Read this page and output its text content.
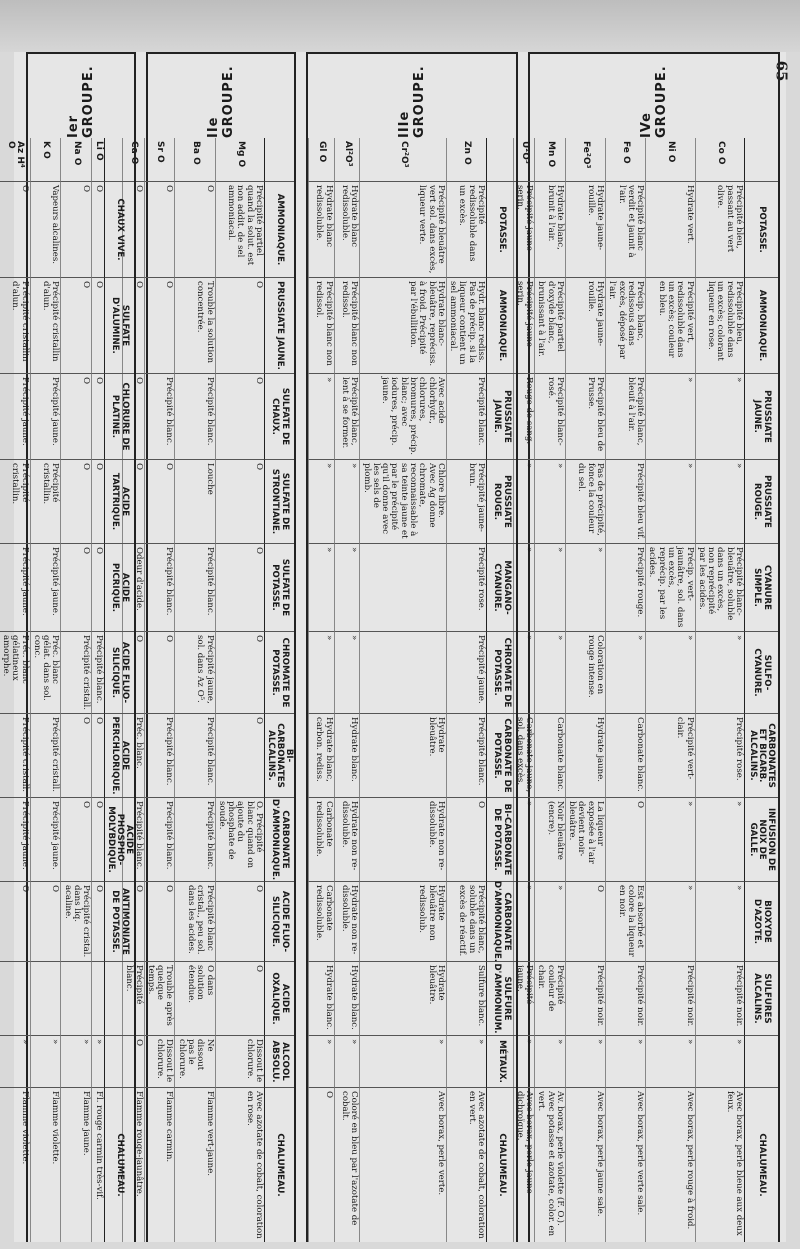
65
IVe GROUPE.
POTASSE.
AMMONIAQUE.
PRUSSIATE JAUNE.
PRUSSIATE ROUGE.
CYANURE SIMPLE.
SULFO-CYANURE.
CARBONATES ET BICARB. ALCALINS.
INFUSION DE NOIX DE GALLE.
BIOXYDE D'AZOTE.
SULFURES ALCALINS.
CHALUMEAU.
Co O
Précipité bleu, passant au vert olive.
Précipité bleu, redissoluble dans un excès; colorant liqueur en rose.
»
»
Précipité blanc-bleuâtre, soluble dans un excès, non reprécipité par les acides.
»
Précipité rose.
»
»
Précipité noir.
»
Avec borax, perle bleue aux deux feux.
Ni O
Hydrate vert.
Précipité vert, redissoluble dans un excès; couleur en bleu.
»
»
Précip. vert-jaunâtre, sol. dans un excès, reprécip. par les acides.
»
Précipité vert-clair.
»
»
Précipité noir.
»
Avec borax, perle rouge à froid.
Fe O
Précipité blanc verdit et jaunit à l'air.
Précip. blanc, redissous dans excès, déposé par l'air.
Précipité blanc, bleuit à l'air.
Précipité bleu vif.
Précipité rouge.
»
Carbonate blanc.
O
Est absorbé et colore la liqueur en noir.
Précipité noir.
»
Avec borax, perle verte sale.
Fe²O³
Hydrate jaune-rouille.
Hydrate jaune-rouille.
Précipité bleu de Prusse.
Pas de précipité, fonce la couleur du sel.
»
Coloration en rouge intense.
Hydrate jaune.
La liqueur exposée à l'air devient noir-bleuâtre.
O
Précipité noir.
»
Avec borax, perle jaune sale.
Mn O
Hydrate blanc, brunit à l'air.
Précipité partiel d'oxyde blanc, brunissant à l'air.
Précipité blanc-rosé.
»
»
»
Carbonate blanc.
Noir bleuâtre (encre).
»
Précipité couleur de chair.
»
Av. borax, perle violette (F. O.). Avec potasse et azotate, color. en vert.
U²O³
Précipité jaune-serin.
Précipité jaune-serin.
Rouge de sang.
»
»
»
Carbonate jaune, sol. dans excès.
»
»
Précipité jaune.
»
Avec borax, perle jaune dichroïque.
IIIe GROUPE.
POTASSE.
AMMONIAQUE.
PRUSSIATE JAUNE.
PRUSSIATE ROUGE.
MANGANO-CYANURE.
CHROMATE DE POTASSE.
CARBONATE DE POTASSE.
BI-CARBONATE DE POTASSE.
CARBONATE D'AMMONIAQUE.
SULFURE D'AMMONIUM.
MÉTAUX.
CHALUMEAU.
Zn O
Précipité redissoluble dans un excès.
Hydr. blanc rediss. Pas de précip. si la liqueur contient un sel ammoniacal.
Précipité blanc.
Précipité jaune-brun.
Précipité rose.
Précipité jaune.
Précipité blanc.
O
Précipité blanc, soluble dans un excès de réactif.
Sulfure blanc.
»
Avec azotate de cobalt, coloration en vert.
Cr²O³
Précipité bleuâtre vert sol. dans excès, liqueur verte.
Hydrate blanc-bleuâtre, repréciss. à froid. Précipité par l'ébullition.
Avec acide chlorhydr., chlorures, bromures, précip. blanc; avec iodures, précip. jaune.
Chlore libre. Avec Ag donne chromate, reconnaissable à sa teinte jaune et par le précipité qu'il donne avec les sels de plomb.
Hydrate bleuâtre.
Hydrate non re-dissoluble.
Hydrate bleuâtre non redissolub.
Hydrate bleuâtre.
»
Avec borax, perle verte.
Al²O³
Hydrate blanc redissoluble.
Précipité blanc non redissol.
Précipité blanc, lent à se former.
»
»
»
Hydrate blanc.
Hydrate non re-dissoluble.
Hydrate non re-dissoluble.
Hydrate blanc.
»
Coloré en bleu par l'azotate de cobalt.
Gl O
Hydrate blanc redissoluble.
Précipité blanc non redissol.
»
»
»
»
Hydrate blanc, carbon. rediss.
Carbonate redissoluble.
Carbonate redissoluble.
Hydrate blanc.
»
O
IIe GROUPE.
AMMONIAQUE.
PRUSSIATE JAUNE.
SULFATE DE CHAUX.
SULFATE DE STRONTIANE.
SULFATE DE POTASSE.
CHROMATE DE POTASSE.
BI-CARBONATES ALCALINS.
CARBONATE D'AMMONIAQUE.
ACIDE FLUO-SILICIQUE.
ACIDE OXALIQUE.
ALCOOL ABSOLU.
CHALUMEAU.
Mg O
Précipité partiel quand la solut. est non addit. de sel ammoniacal.
O
O
O
O
O
O
O. Précipité blanc quand on ajoute du phosphate de soude.
O
O
Dissout le chlorure.
Avec azotate de cobalt, coloration en rose.
Ba O
O
Trouble la solution concentrée.
Précipité blanc.
Louche
Précipité blanc.
Précipité jaune, sol. dans Az O⁵.
Précipité blanc.
Précipité blanc.
Précipité blanc cristal., peu sol. dans les acides.
O dans solution étendue.
Ne dissout pas le chlorure.
Flamme vert-jaune.
Sr O
O
O
Précipité blanc.
O
Précipité blanc.
O
Précipité blanc.
Précipité blanc.
O
Trouble après quelque temps.
Dissout le chlorure.
Flamme carmin.
Ca O
O
O
O
O
Odeur d'acide.
O
Préc. blanc.
Précipité blanc.
O
Précipité blanc.
O
Flamme rouge-jaunâtre.
Ier GROUPE.
CHAUX VIVE.
SULFATE D'ALUMINE.
CHLORURE DE PLATINE.
ACIDE TARTRIQUE.
ACIDE PICRIQUE.
ACIDE FLUO-SILICIQUE.
ACIDE PERCHLORIQUE.
ACIDE PHOSPHO-MOLYBDIQUE.
ANTIMONIATE DE POTASSE.
CHALUMEAU.
Li O
O
O
O
O
O
Précipité blanc.
O
O
O
»
Fl. rouge carmin très-vif.
Na O
O
O
O
O
O
Précipité cristall.
O
O
Précipité cristal. dans liq. acaline.
»
Flamme jaune.
K O
Vapeurs alcalines.
Précipité cristallin d'alun.
Précipité jaune.
Précipité cristallin.
Précipité jaune.
Préc. blanc gélat. dans sol. conc.
Précipité cristall.
Précipité jaune.
O
»
Flamme violette.
Az H⁴ O
O
Précipité cristallin d'alun.
Précipité jaune.
Précipité cristallin.
Précipité jaune.
Préc. blanc gélatineux amorphe.
Précipité cristall.
Précipité jaune.
O
»
Flamme violette.
